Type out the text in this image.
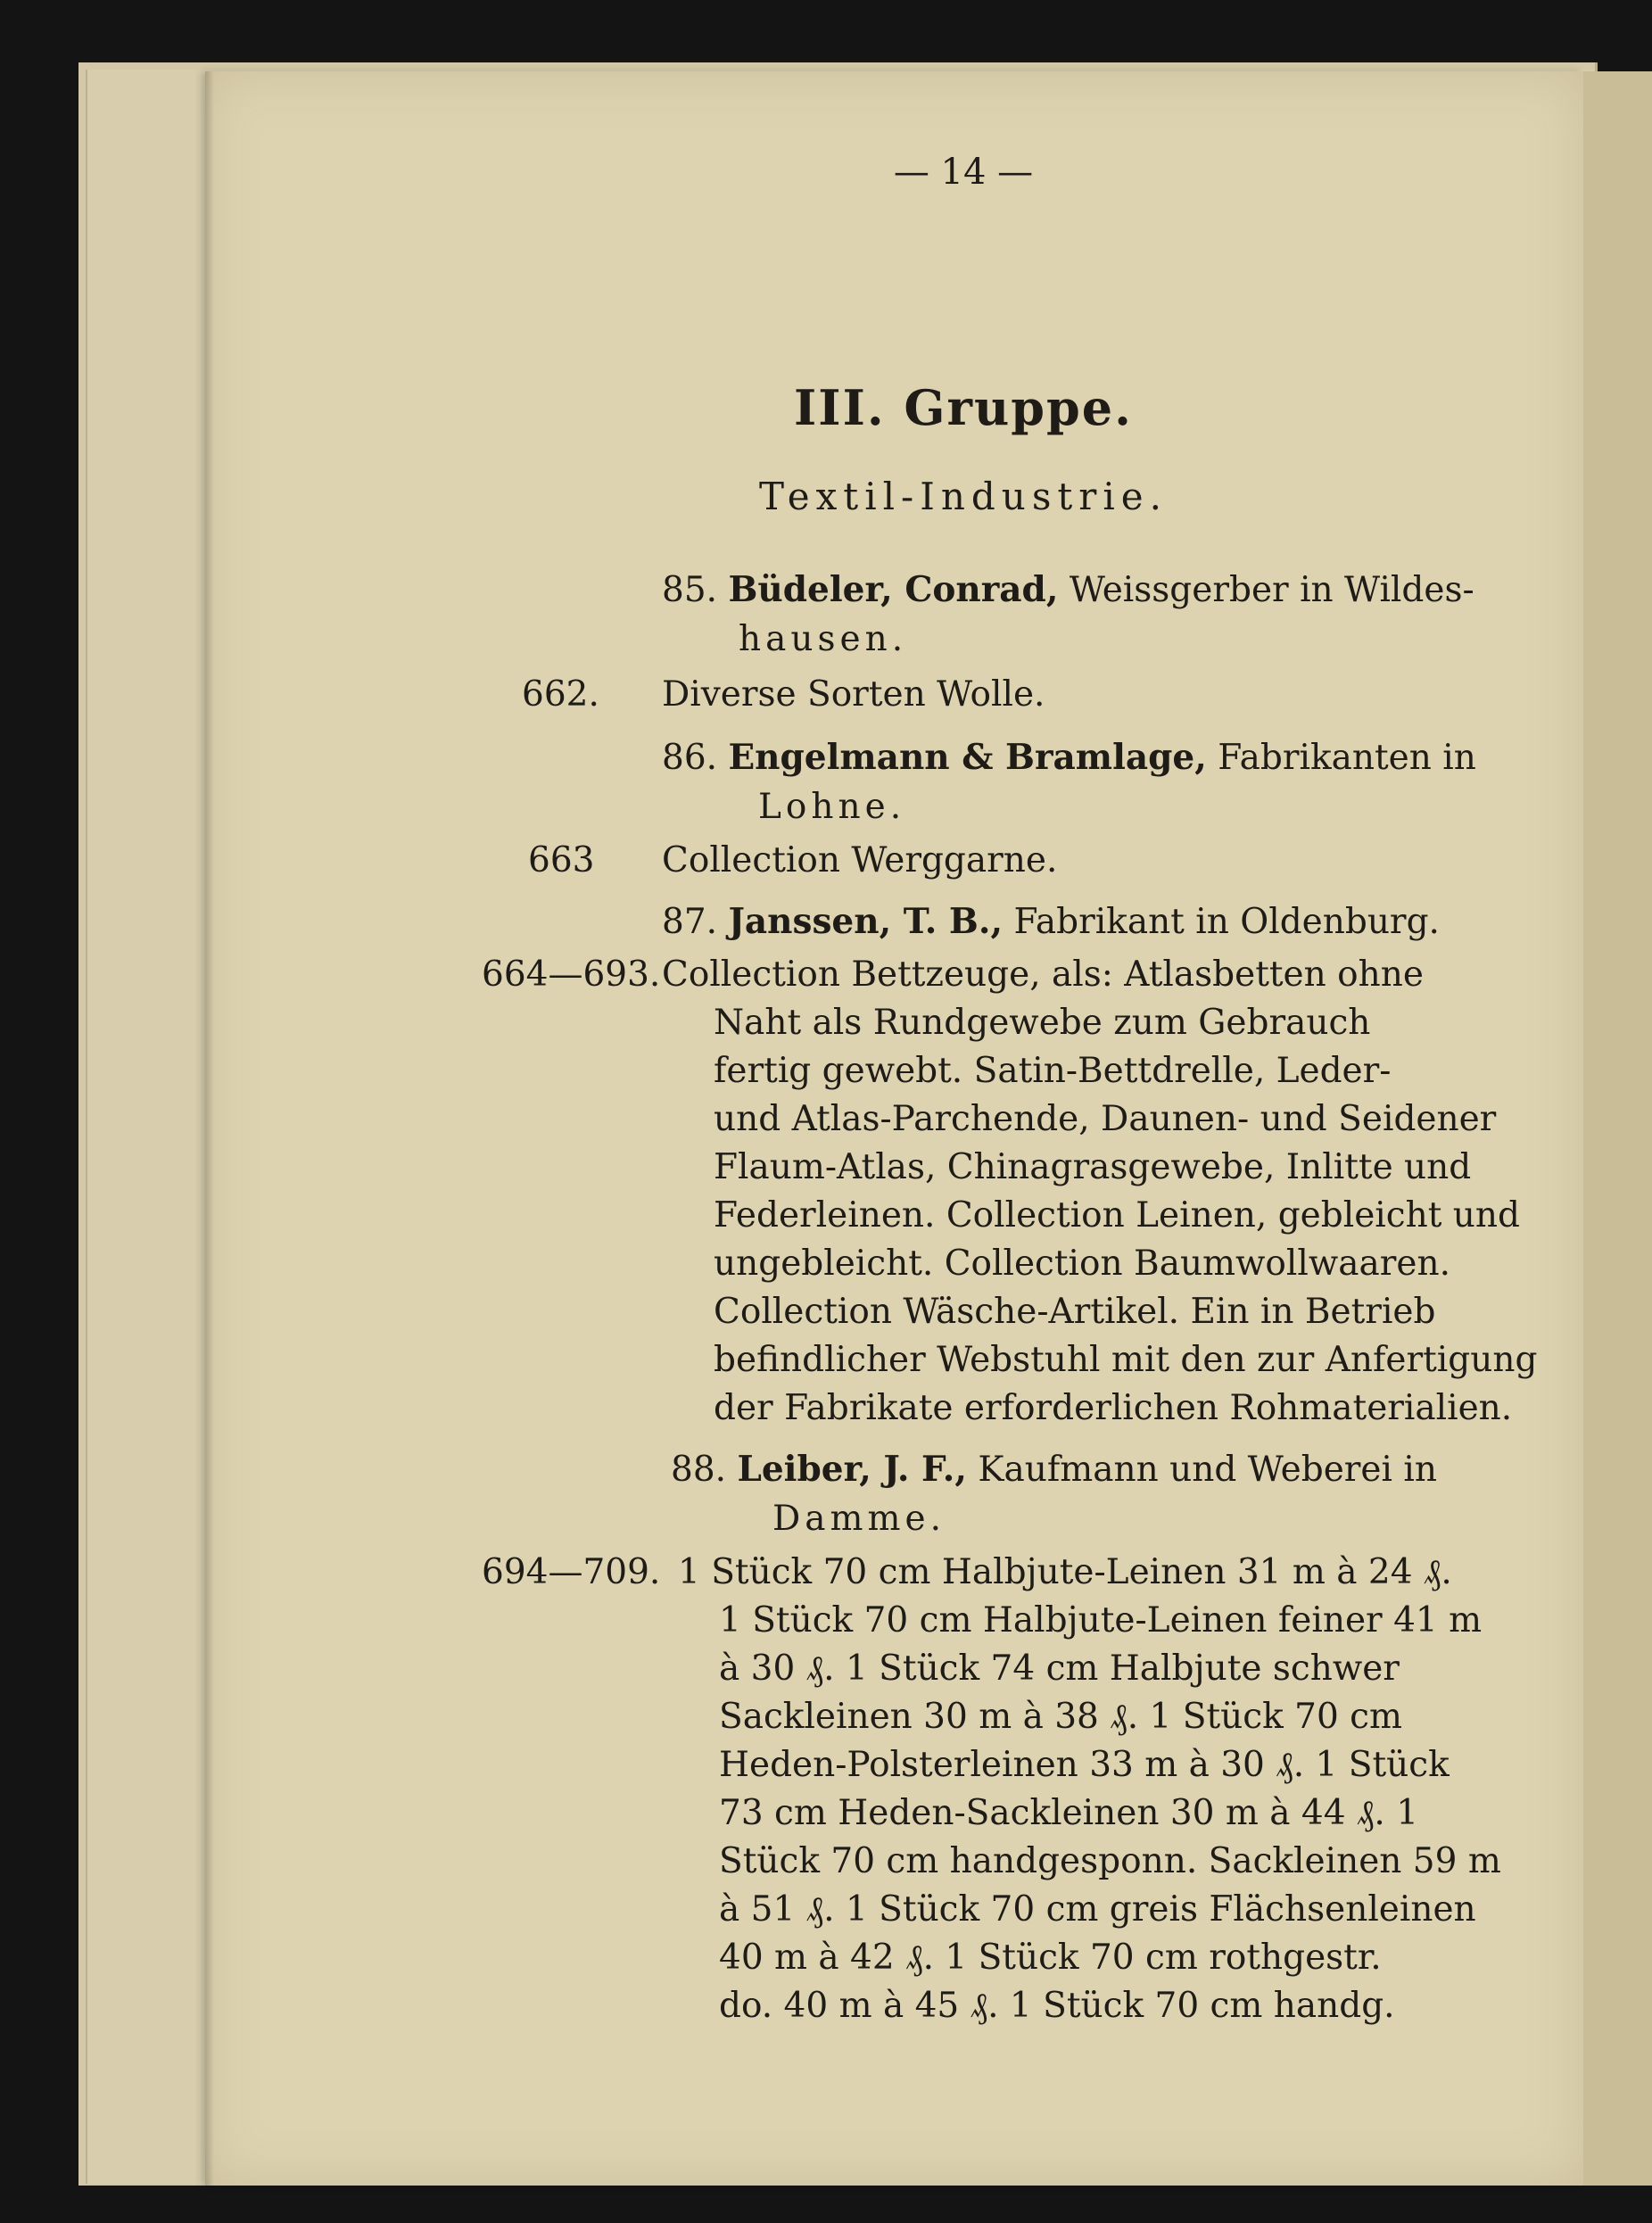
— 14 —
III. Gruppe.
Textil-Industrie.
85. Büdeler, Conrad, Weissgerber in Wildes-
hausen.
662. Diverse Sorten Wolle.
86. Engelmann & Bramlage, Fabrikanten in
Lohne.
663 Collection Werggarne.
87. Janssen, T. B., Fabrikant in Oldenburg.
664—693. Collection Bettzeuge, als: Atlasbetten ohne
Naht als Rundgewebe zum Gebrauch
fertig gewebt. Satin-Bettdrelle, Leder-
und Atlas-Parchende, Daunen- und Seidener
Flaum-Atlas, Chinagrasgewebe, Inlitte und
Federleinen. Collection Leinen, gebleicht und
ungebleicht. Collection Baumwollwaaren.
Collection Wäsche-Artikel. Ein in Betrieb
befindlicher Webstuhl mit den zur Anfertigung
der Fabrikate erforderlichen Rohmaterialien.
88. Leiber, J. F., Kaufmann und Weberei in
Damme.
694—709. 1 Stück 70 cm Halbjute-Leinen 31 m à 24 ₰.
1 Stück 70 cm Halbjute-Leinen feiner 41 m
à 30 ₰. 1 Stück 74 cm Halbjute schwer
Sackleinen 30 m à 38 ₰. 1 Stück 70 cm
Heden-Polsterleinen 33 m à 30 ₰. 1 Stück
73 cm Heden-Sackleinen 30 m à 44 ₰. 1
Stück 70 cm handgesponn. Sackleinen 59 m
à 51 ₰. 1 Stück 70 cm greis Flächsenleinen
40 m à 42 ₰. 1 Stück 70 cm rothgestr.
do. 40 m à 45 ₰. 1 Stück 70 cm handg.
